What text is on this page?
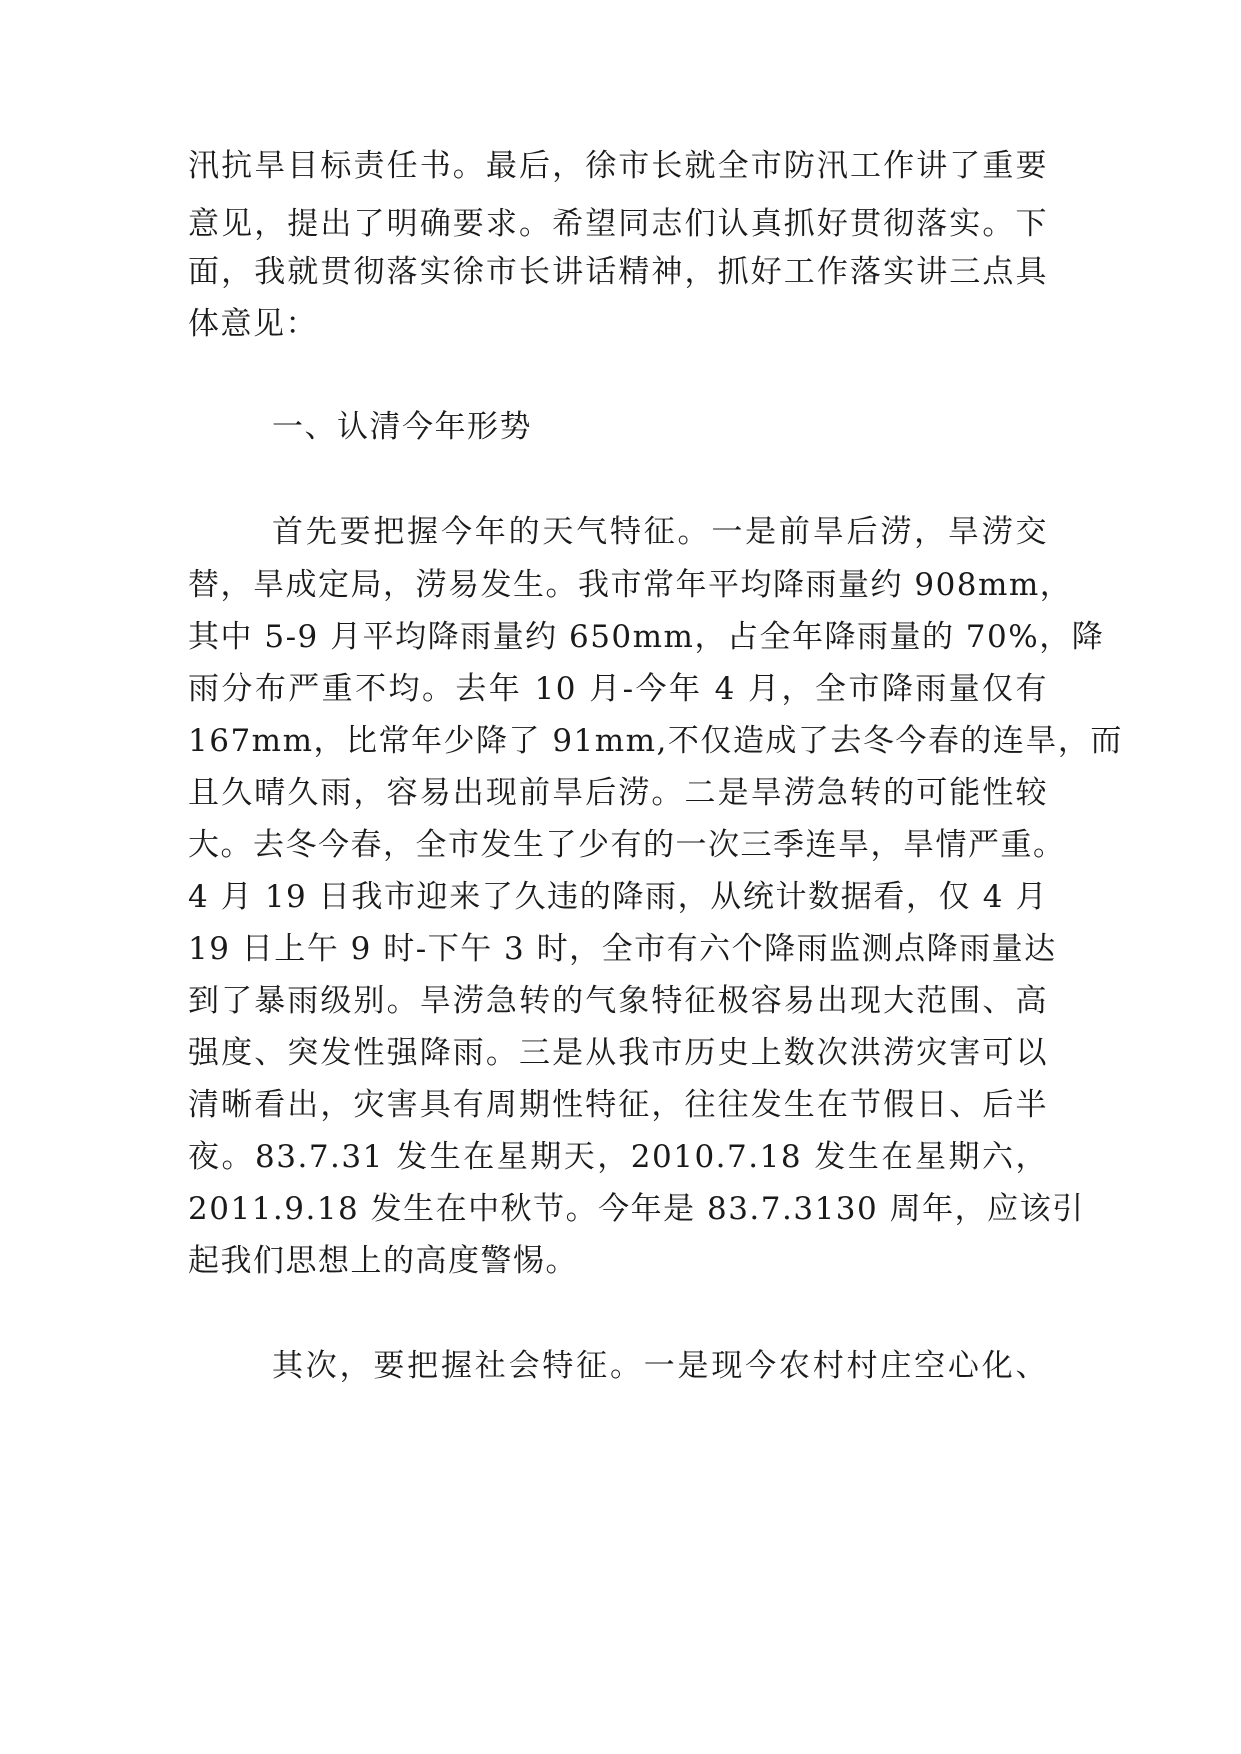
汛抗旱目标责任书。最后，徐市长就全市防汛工作讲了重要
意见，提出了明确要求。希望同志们认真抓好贯彻落实。下
面，我就贯彻落实徐市长讲话精神，抓好工作落实讲三点具
体意见：
一、认清今年形势
首先要把握今年的天气特征。一是前旱后涝，旱涝交
替，旱成定局，涝易发生。我市常年平均降雨量约 908mm，
其中 5-9 月平均降雨量约 650mm，占全年降雨量的 70%，降
雨分布严重不均。去年 10 月-今年 4 月，全市降雨量仅有
167mm，比常年少降了 91mm,不仅造成了去冬今春的连旱，而
且久晴久雨，容易出现前旱后涝。二是旱涝急转的可能性较
大。去冬今春，全市发生了少有的一次三季连旱，旱情严重。
4 月 19 日我市迎来了久违的降雨，从统计数据看，仅 4 月
19 日上午 9 时-下午 3 时，全市有六个降雨监测点降雨量达
到了暴雨级别。旱涝急转的气象特征极容易出现大范围、高
强度、突发性强降雨。三是从我市历史上数次洪涝灾害可以
清晰看出，灾害具有周期性特征，往往发生在节假日、后半
夜。83.7.31 发生在星期天，2010.7.18 发生在星期六，
2011.9.18 发生在中秋节。今年是 83.7.3130 周年，应该引
起我们思想上的高度警惕。
其次，要把握社会特征。一是现今农村村庄空心化、
